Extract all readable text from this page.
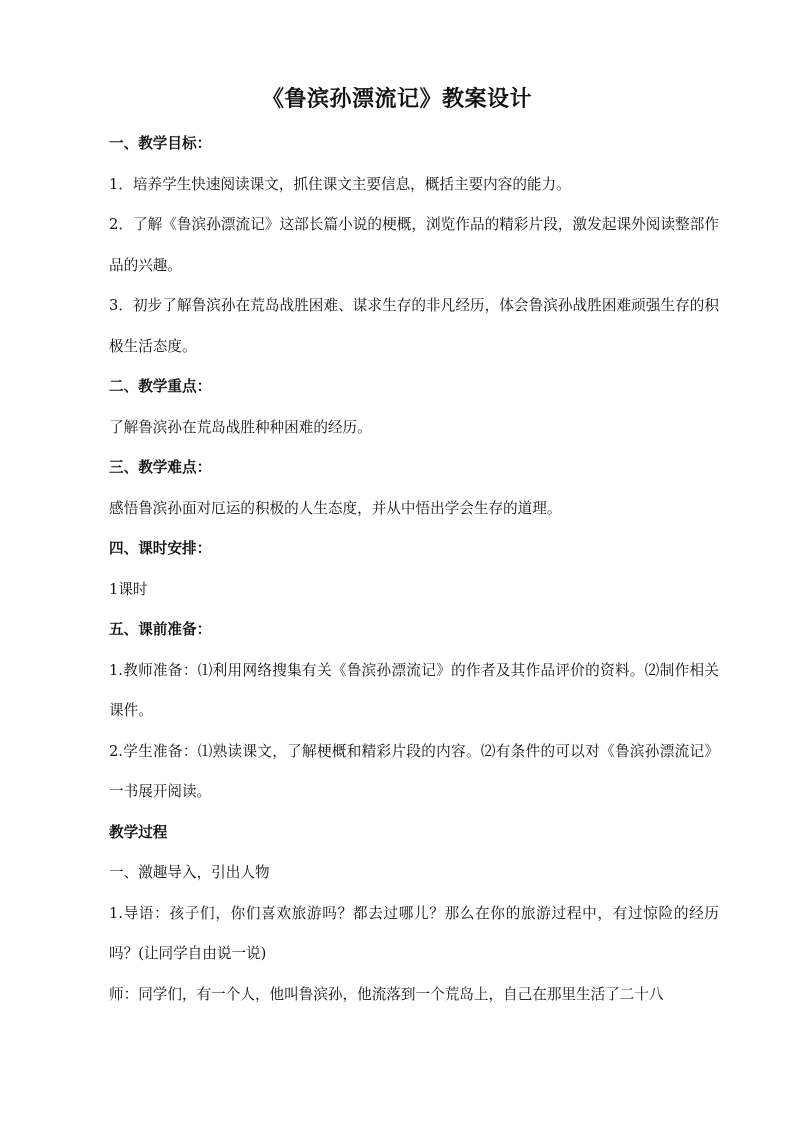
《鲁滨孙漂流记》教案设计

一、教学目标：

1．培养学生快速阅读课文，抓住课文主要信息，概括主要内容的能力。

2．了解《鲁滨孙漂流记》这部长篇小说的梗概，浏览作品的精彩片段，激发起课外阅读整部作品的兴趣。

3．初步了解鲁滨孙在荒岛战胜困难、谋求生存的非凡经历，体会鲁滨孙战胜困难顽强生存的积极生活态度。

二、教学重点：

了解鲁滨孙在荒岛战胜种种困难的经历。

三、教学难点：

感悟鲁滨孙面对厄运的积极的人生态度，并从中悟出学会生存的道理。

四、课时安排：

1课时

五、课前准备：

1.教师准备：⑴利用网络搜集有关《鲁滨孙漂流记》的作者及其作品评价的资料。⑵制作相关课件。

2.学生准备：⑴熟读课文，了解梗概和精彩片段的内容。⑵有条件的可以对《鲁滨孙漂流记》一书展开阅读。

教学过程

一、激趣导入，引出人物

1.导语：孩子们，你们喜欢旅游吗？都去过哪儿？那么在你的旅游过程中，有过惊险的经历吗？(让同学自由说一说)

师：同学们，有一个人，他叫鲁滨孙，他流落到一个荒岛上，自己在那里生活了二十八
